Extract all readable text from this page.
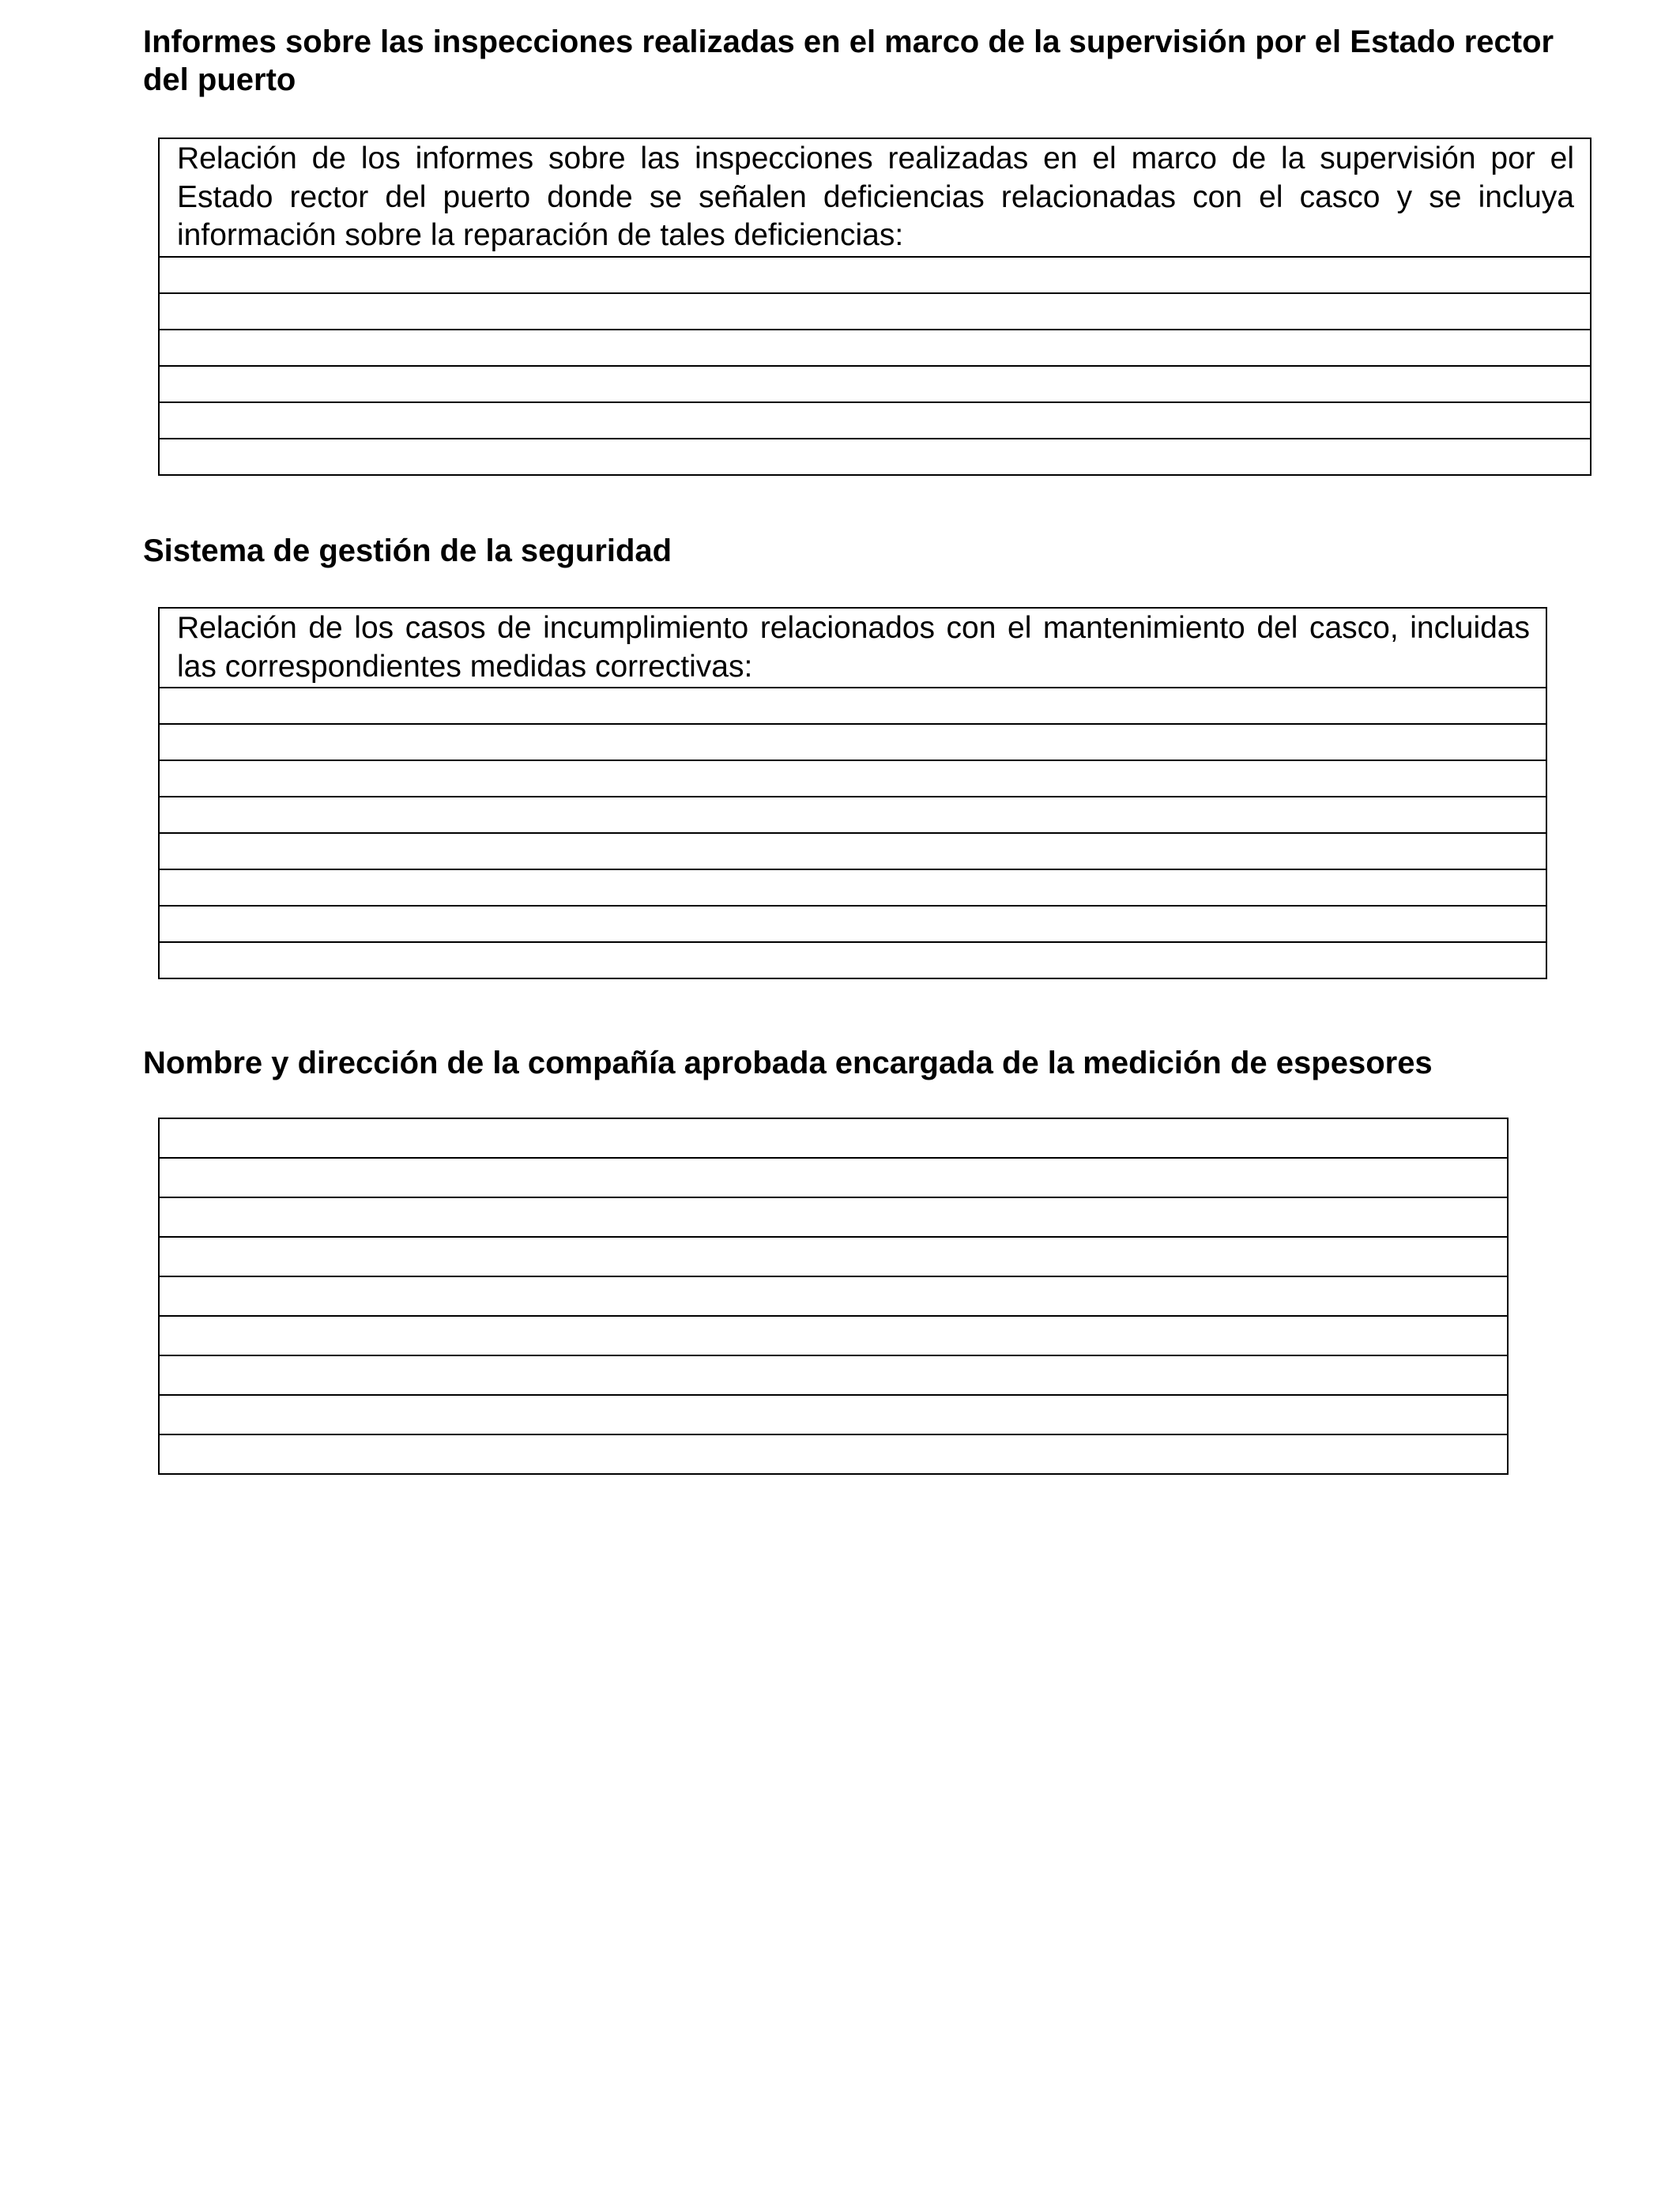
Informes sobre las inspecciones realizadas en el marco de la supervisión por el Estado rector del puerto
Relación de los informes sobre las inspecciones realizadas en el marco de la supervisión por el Estado rector del puerto donde se señalen deficiencias relacionadas con el casco y se incluya información sobre la reparación de tales deficiencias:

Sistema de gestión de la seguridad
Relación de los casos de incumplimiento relacionados con el mantenimiento del casco, incluidas las correspondientes medidas correctivas:

Nombre y dirección de la compañía aprobada encargada de la medición de espesores
